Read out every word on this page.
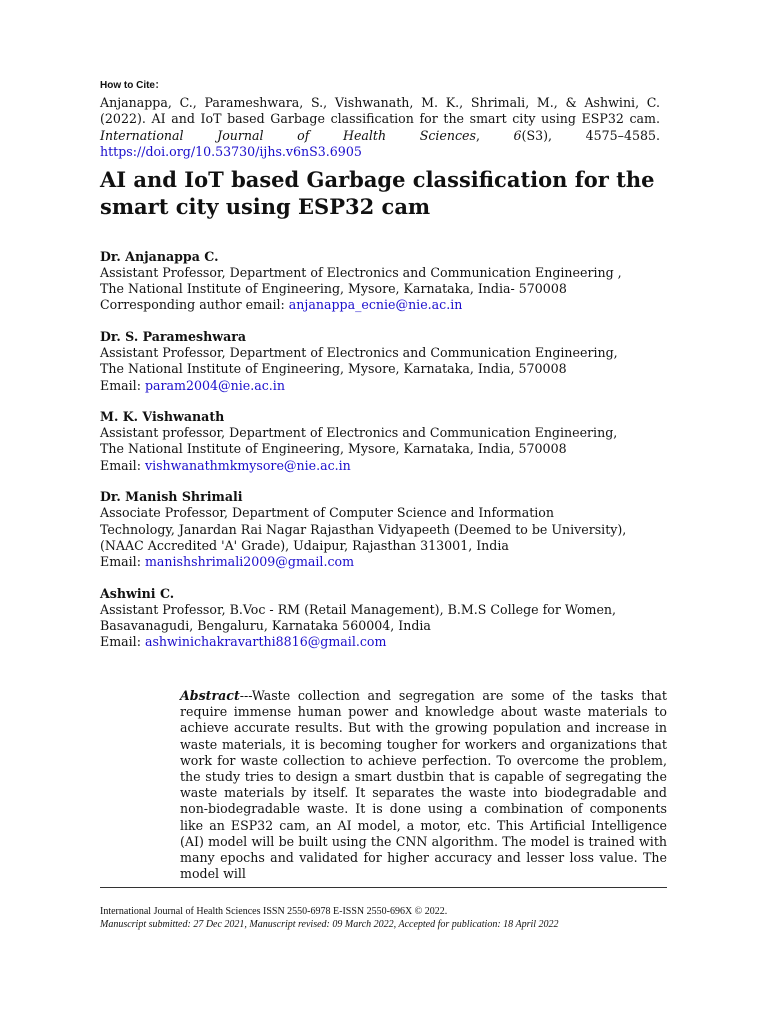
How to Cite:
Anjanappa, C., Parameshwara, S., Vishwanath, M. K., Shrimali, M., & Ashwini, C. (2022). AI and IoT based Garbage classification for the smart city using ESP32 cam. International Journal of Health Sciences, 6(S3), 4575–4585. https://doi.org/10.53730/ijhs.v6nS3.6905
AI and IoT based Garbage classification for the smart city using ESP32 cam
Dr. Anjanappa C.
Assistant Professor, Department of Electronics and Communication Engineering ,
The National Institute of Engineering, Mysore, Karnataka, India- 570008
Corresponding author email: anjanappa_ecnie@nie.ac.in
Dr. S. Parameshwara
Assistant Professor, Department of Electronics and Communication Engineering,
The National Institute of Engineering, Mysore, Karnataka, India, 570008
Email: param2004@nie.ac.in
M. K. Vishwanath
Assistant professor, Department of Electronics and Communication Engineering,
The National Institute of Engineering, Mysore, Karnataka, India, 570008
Email: vishwanathmkmysore@nie.ac.in
Dr. Manish Shrimali
Associate Professor, Department of Computer Science and Information
Technology, Janardan Rai Nagar Rajasthan Vidyapeeth (Deemed to be University),
(NAAC Accredited 'A' Grade), Udaipur, Rajasthan 313001, India
Email: manishshrimali2009@gmail.com
Ashwini C.
Assistant Professor, B.Voc - RM (Retail Management), B.M.S College for Women,
Basavanagudi, Bengaluru, Karnataka 560004, India
Email: ashwinichakravarthi8816@gmail.com
Abstract---Waste collection and segregation are some of the tasks that require immense human power and knowledge about waste materials to achieve accurate results. But with the growing population and increase in waste materials, it is becoming tougher for workers and organizations that work for waste collection to achieve perfection. To overcome the problem, the study tries to design a smart dustbin that is capable of segregating the waste materials by itself. It separates the waste into biodegradable and non-biodegradable waste. It is done using a combination of components like an ESP32 cam, an AI model, a motor, etc. This Artificial Intelligence (AI) model will be built using the CNN algorithm. The model is trained with many epochs and validated for higher accuracy and lesser loss value. The model will
International Journal of Health Sciences ISSN 2550-6978 E-ISSN 2550-696X © 2022.
Manuscript submitted: 27 Dec 2021, Manuscript revised: 09 March 2022, Accepted for publication: 18 April 2022
